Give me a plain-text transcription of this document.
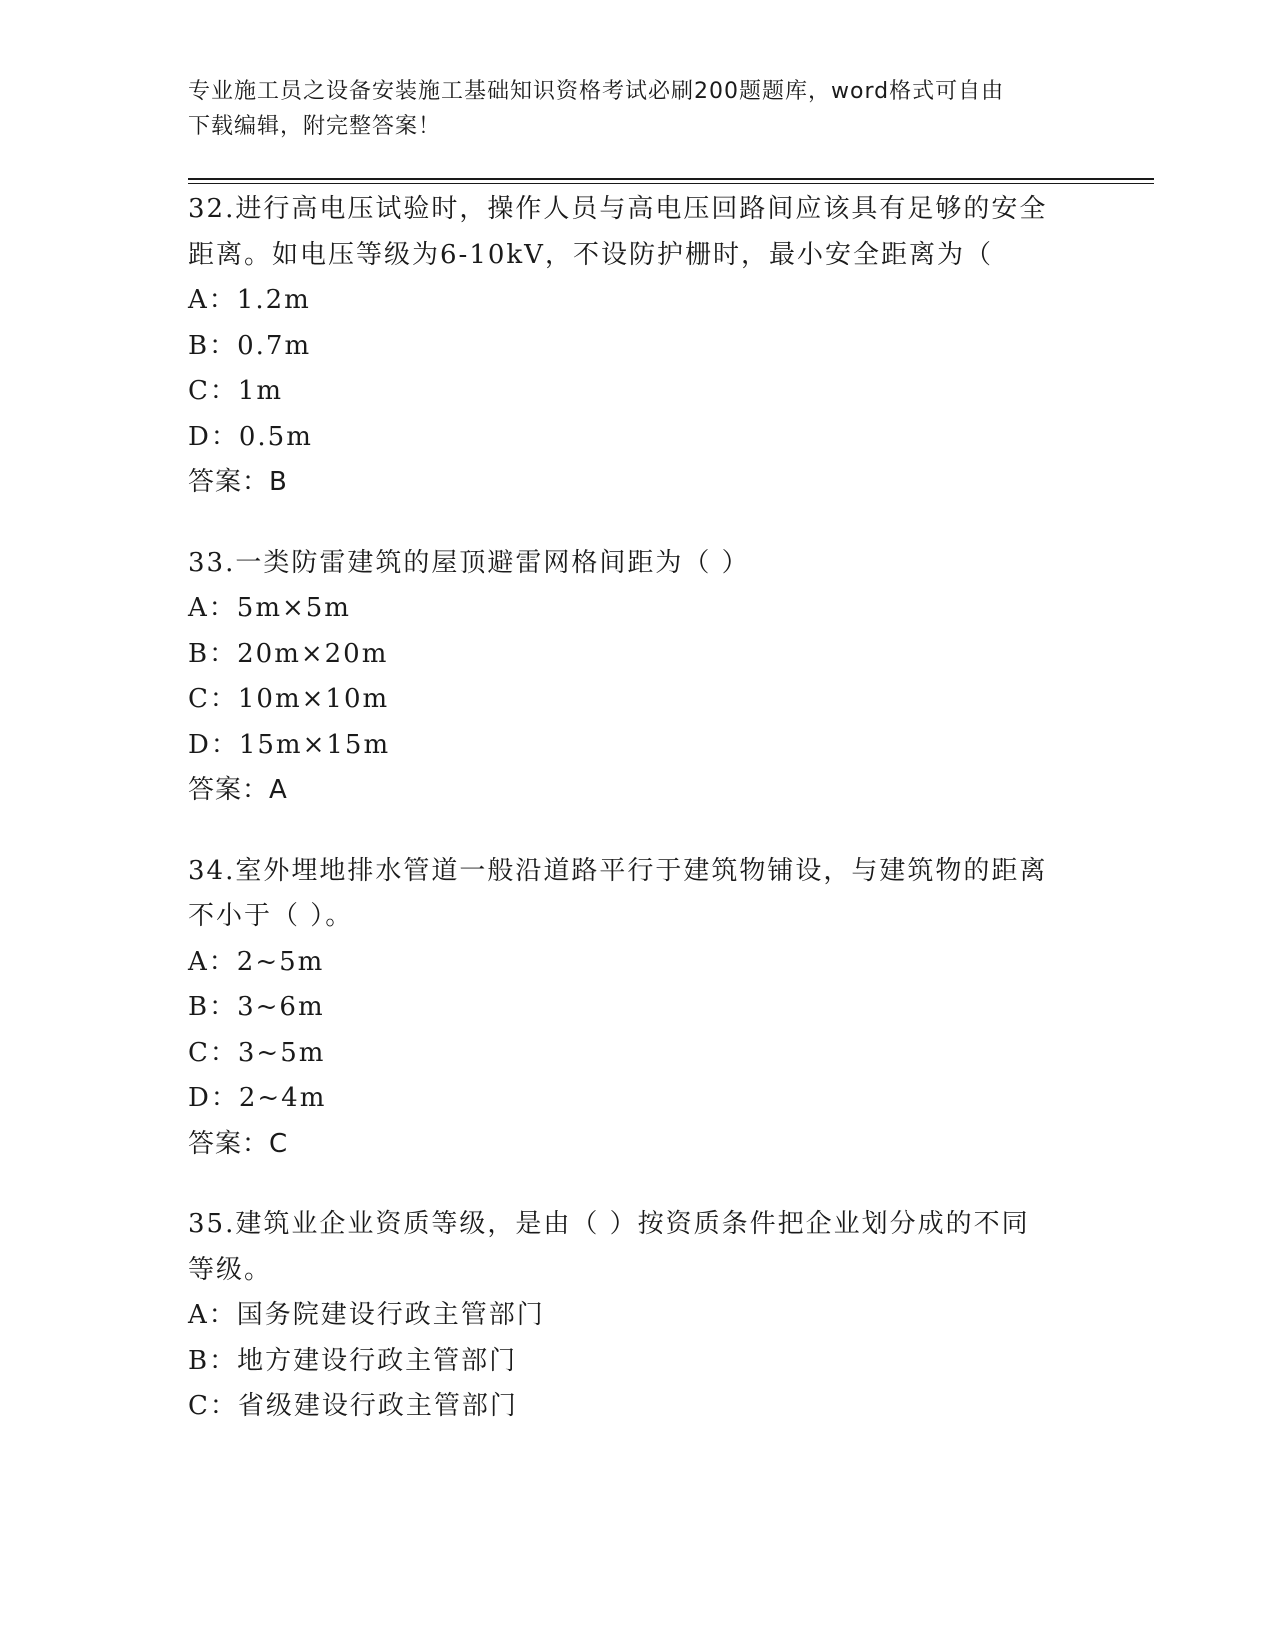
专业施工员之设备安装施工基础知识资格考试必刷200题题库，word格式可自由
下载编辑，附完整答案！
32.进行高电压试验时，操作人员与高电压回路间应该具有足够的安全
距离。如电压等级为6-10kV，不设防护栅时，最小安全距离为（
A：1.2m
B：0.7m
C：1m
D：0.5m
答案：B
33.一类防雷建筑的屋顶避雷网格间距为（ ）
A：5m×5m
B：20m×20m
C：10m×10m
D：15m×15m
答案：A
34.室外埋地排水管道一般沿道路平行于建筑物铺设，与建筑物的距离
不小于（ ）。
A：2~5m
B：3~6m
C：3~5m
D：2~4m
答案：C
35.建筑业企业资质等级，是由（ ）按资质条件把企业划分成的不同
等级。
A：国务院建设行政主管部门
B：地方建设行政主管部门
C：省级建设行政主管部门
